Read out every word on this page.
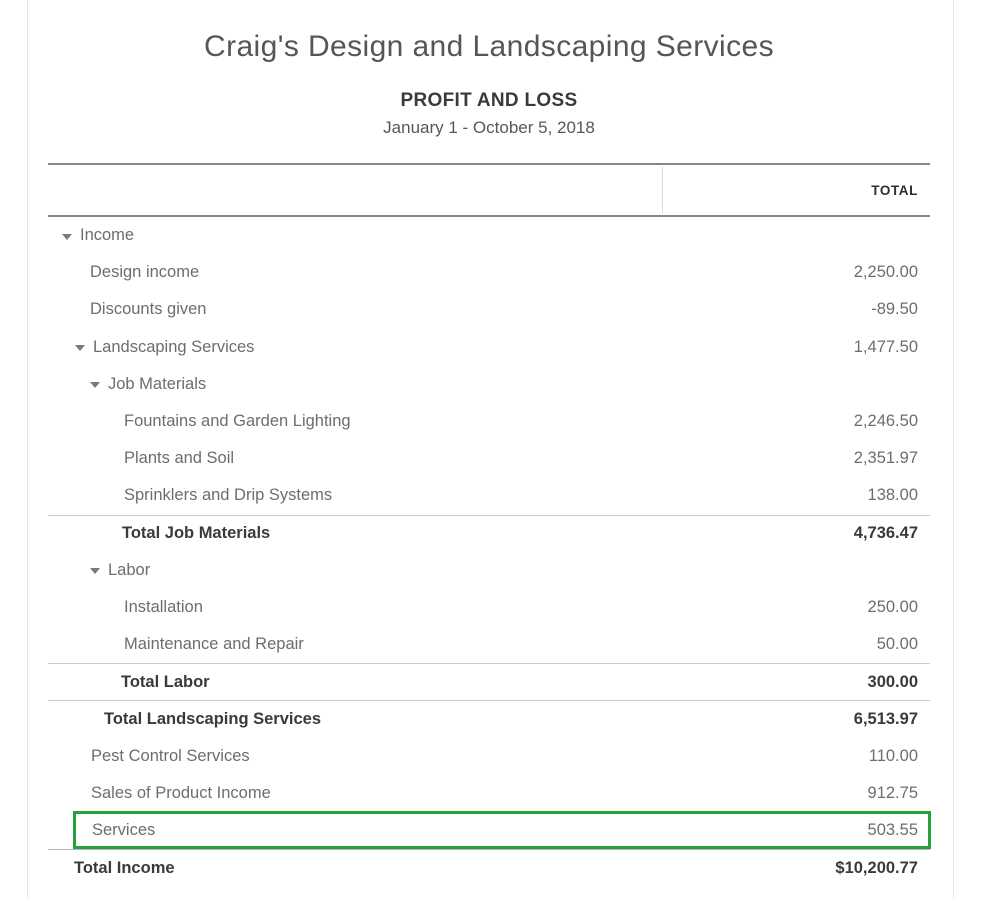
Craig's Design and Landscaping Services
PROFIT AND LOSS
January 1 - October 5, 2018
TOTAL
Income
Design income	2,250.00
Discounts given	-89.50
Landscaping Services	1,477.50
Job Materials
Fountains and Garden Lighting	2,246.50
Plants and Soil	2,351.97
Sprinklers and Drip Systems	138.00
Total Job Materials	4,736.47
Labor
Installation	250.00
Maintenance and Repair	50.00
Total Labor	300.00
Total Landscaping Services	6,513.97
Pest Control Services	110.00
Sales of Product Income	912.75
Services	503.55
Total Income	$10,200.77
